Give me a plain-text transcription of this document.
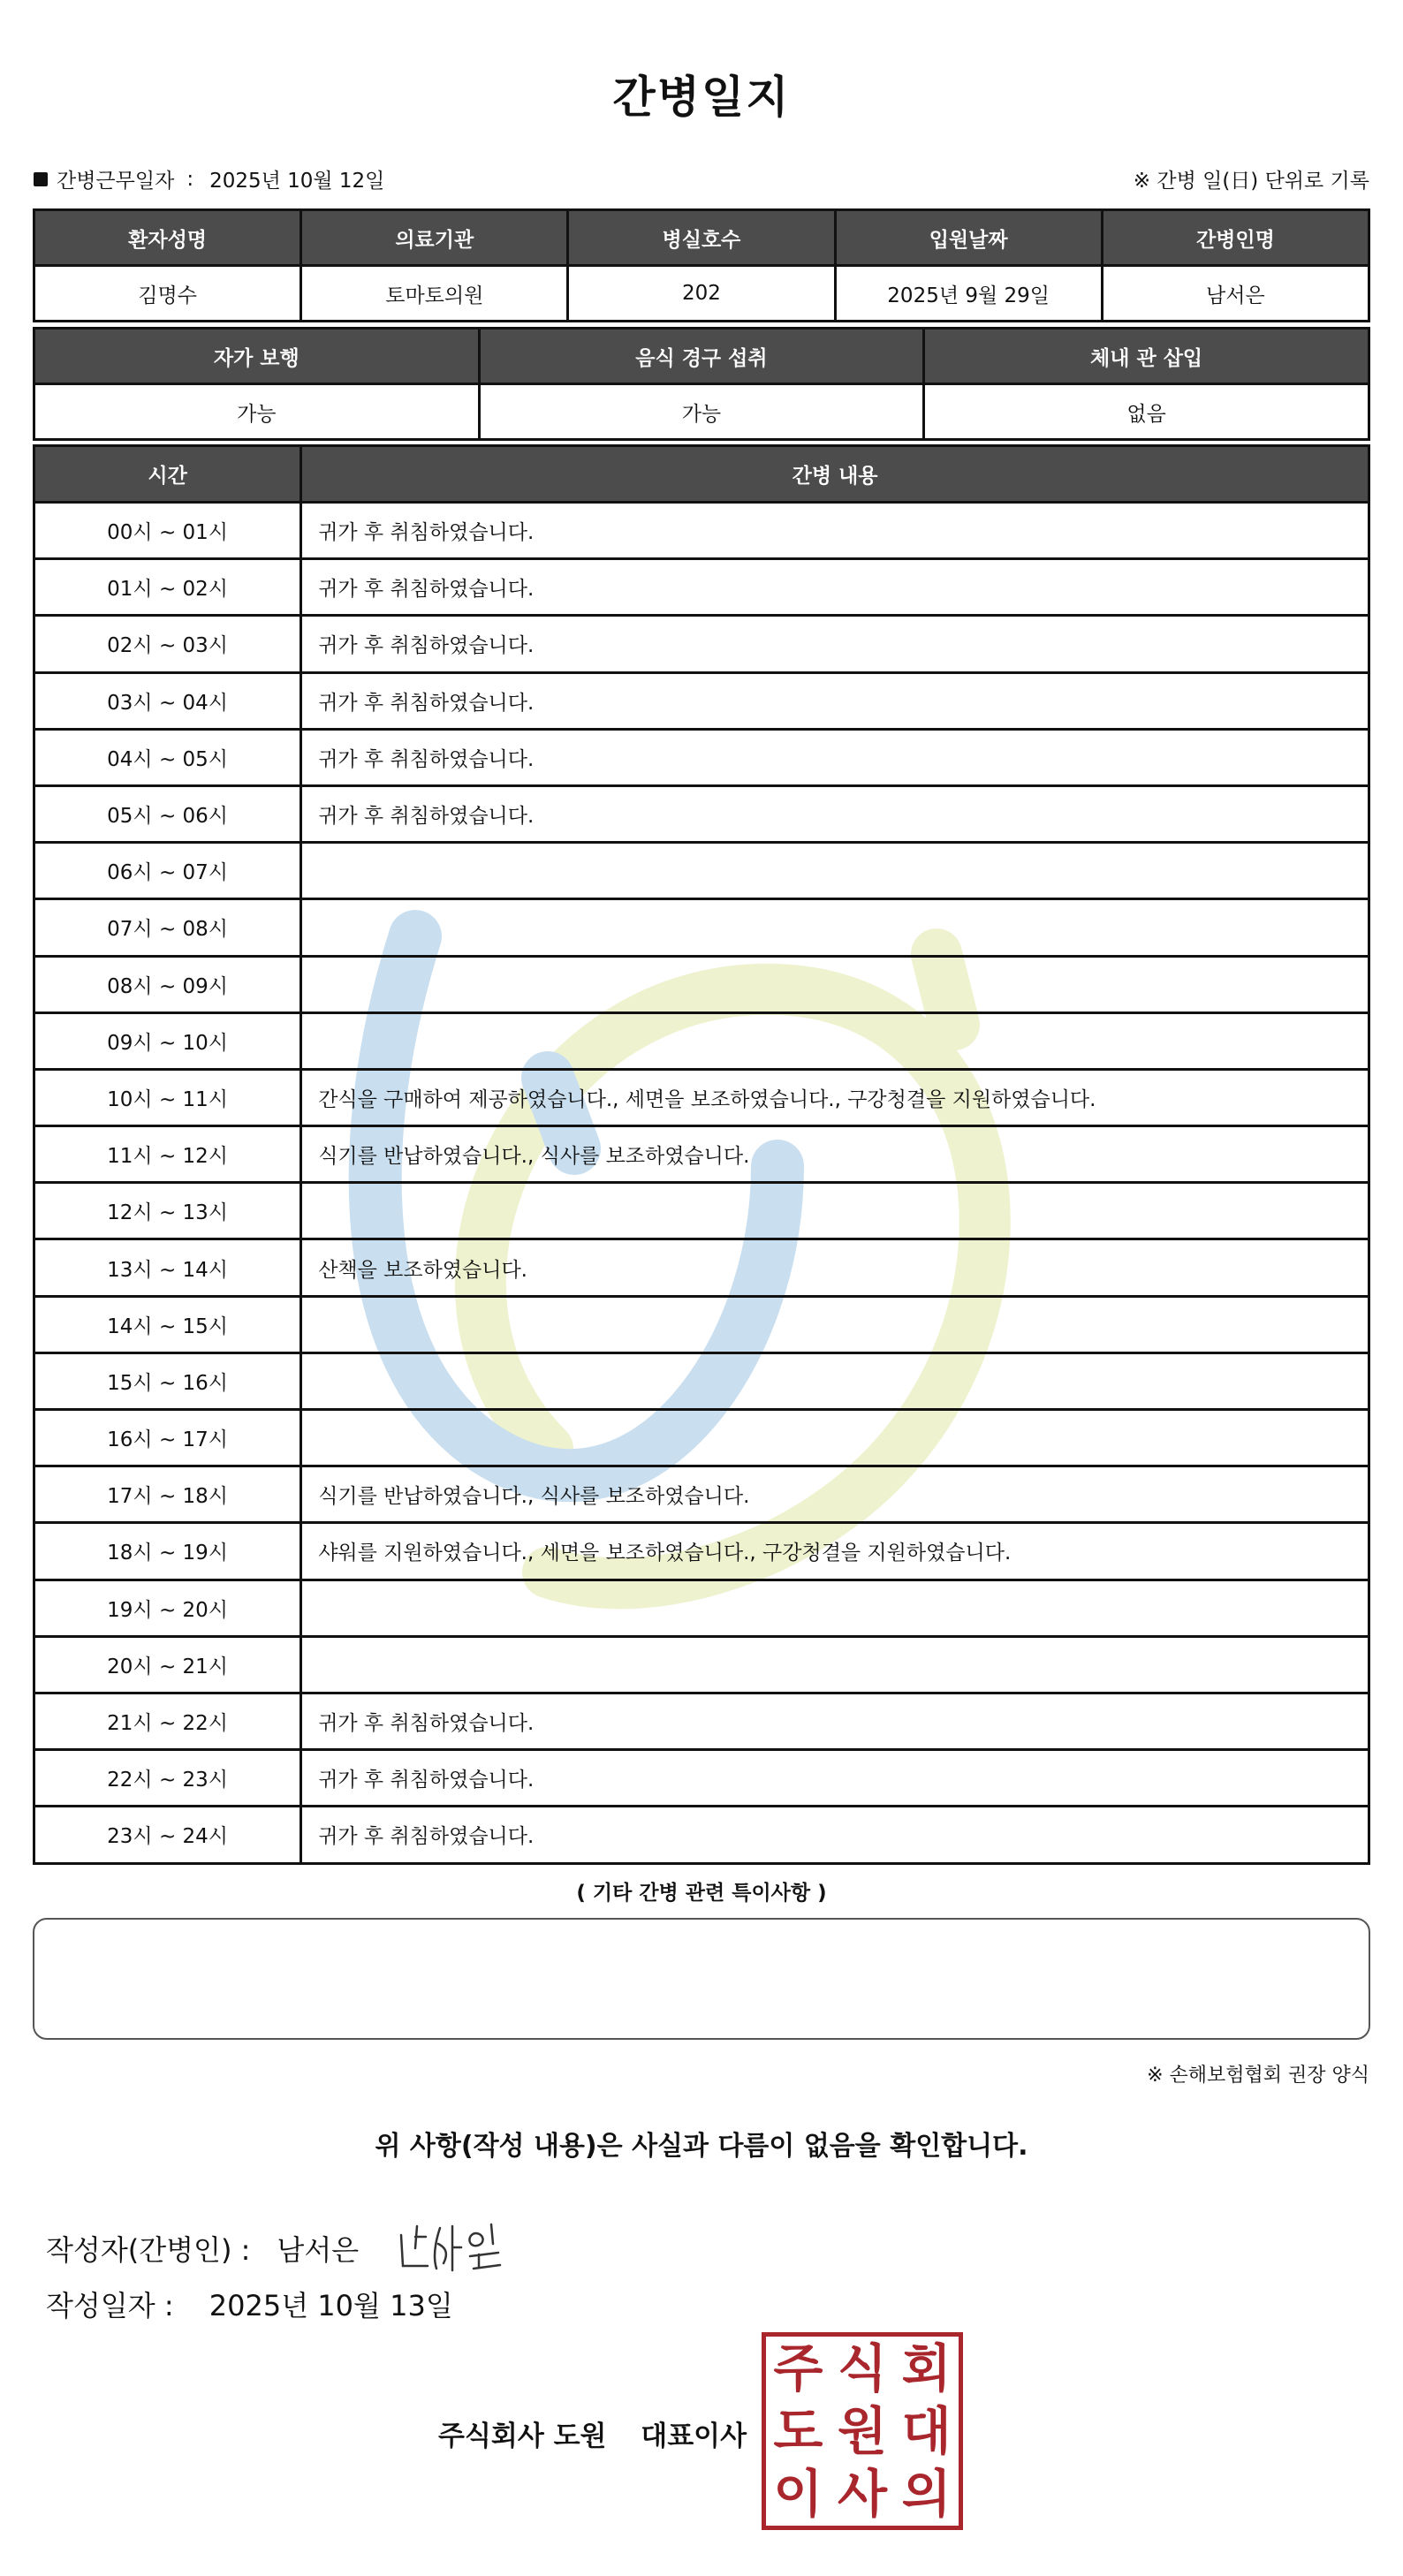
간병일지
간병근무일자 : 2025년 10월 12일	※ 간병 일(日) 단위로 기록
환자성명	의료기관	병실호수	입원날짜	간병인명
김명수	토마토의원	202	2025년 9월 29일	남서은
자가 보행	음식 경구 섭취	체내 관 삽입
가능	가능	없음
시간	간병 내용
00시 ~ 01시	귀가 후 취침하였습니다.
01시 ~ 02시	귀가 후 취침하였습니다.
02시 ~ 03시	귀가 후 취침하였습니다.
03시 ~ 04시	귀가 후 취침하였습니다.
04시 ~ 05시	귀가 후 취침하였습니다.
05시 ~ 06시	귀가 후 취침하였습니다.
06시 ~ 07시	
07시 ~ 08시	
08시 ~ 09시	
09시 ~ 10시	
10시 ~ 11시	간식을 구매하여 제공하였습니다., 세면을 보조하였습니다., 구강청결을 지원하였습니다.
11시 ~ 12시	식기를 반납하였습니다., 식사를 보조하였습니다.
12시 ~ 13시	
13시 ~ 14시	산책을 보조하였습니다.
14시 ~ 15시	
15시 ~ 16시	
16시 ~ 17시	
17시 ~ 18시	식기를 반납하였습니다., 식사를 보조하였습니다.
18시 ~ 19시	샤워를 지원하였습니다., 세면을 보조하였습니다., 구강청결을 지원하였습니다.
19시 ~ 20시	
20시 ~ 21시	
21시 ~ 22시	귀가 후 취침하였습니다.
22시 ~ 23시	귀가 후 취침하였습니다.
23시 ~ 24시	귀가 후 취침하였습니다.
( 기타 간병 관련 특이사항 )
※ 손해보험협회 권장 양식
위 사항(작성 내용)은 사실과 다름이 없음을 확인합니다.
작성자(간병인) : 남서은
작성일자 : 2025년 10월 13일
주식회사 도원 대표이사
주 식 회
도 원 대
이 사 의
